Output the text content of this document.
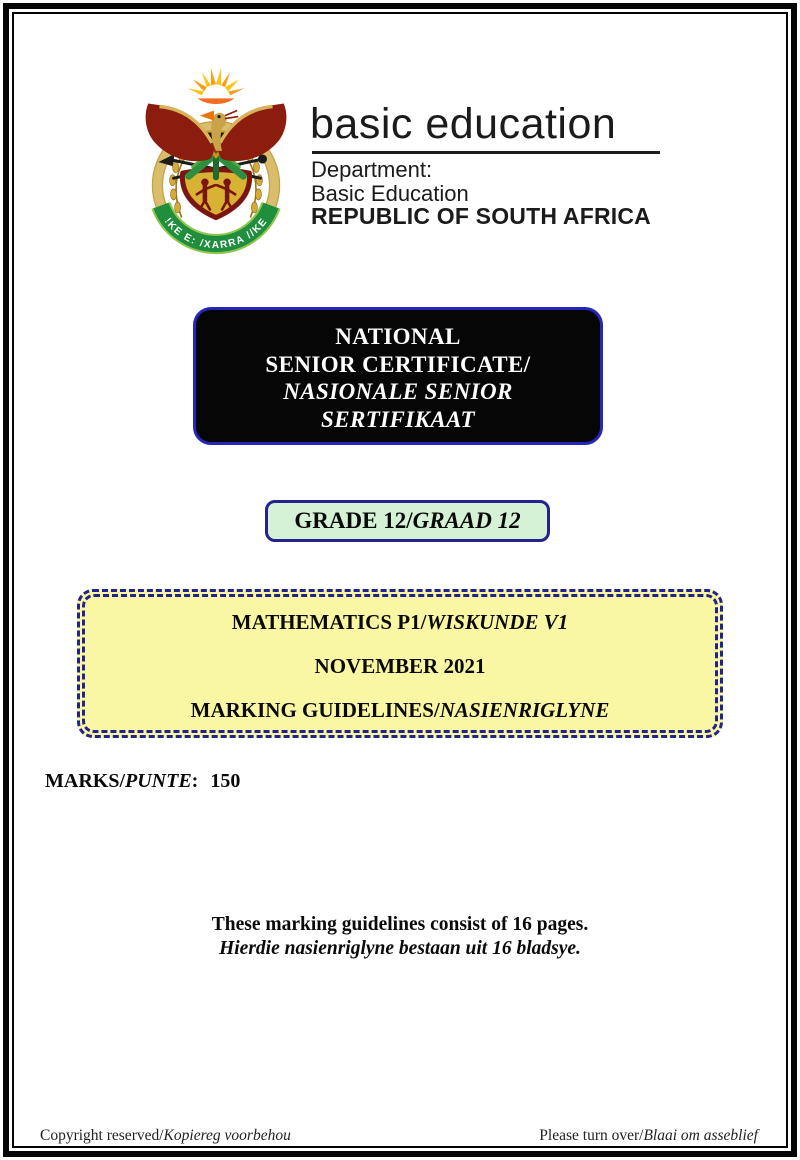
!KE E: /XARRA //KE
basic education
Department:
Basic Education
REPUBLIC OF SOUTH AFRICA
NATIONAL
SENIOR CERTIFICATE/
NASIONALE SENIOR
SERTIFIKAAT
GRADE 12/GRAAD 12
MATHEMATICS P1/WISKUNDE V1
NOVEMBER 2021
MARKING GUIDELINES/NASIENRIGLYNE
MARKS/PUNTE: 150
These marking guidelines consist of 16 pages.
Hierdie nasienriglyne bestaan uit 16 bladsye.
Copyright reserved/Kopiereg voorbehou	Please turn over/Blaai om asseblief
